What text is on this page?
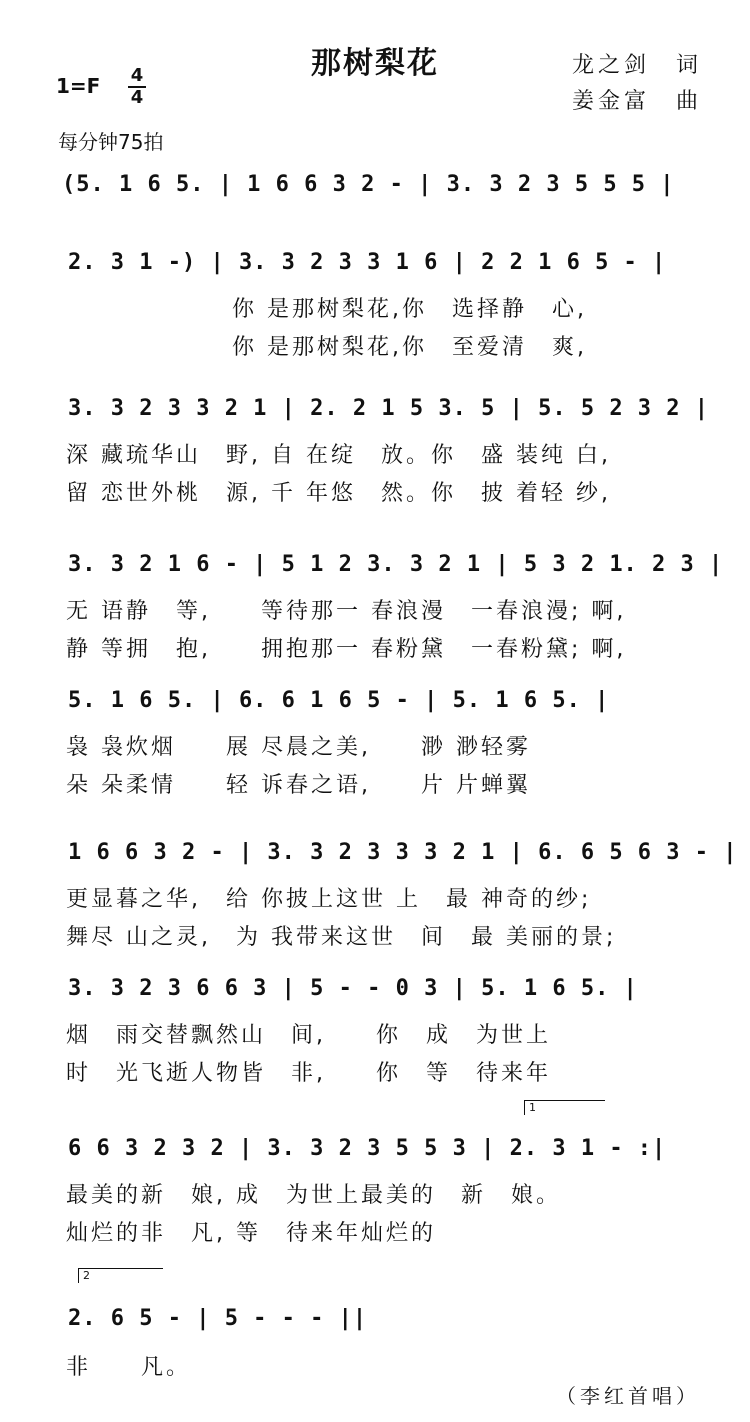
那树梨花	龙之剑　词
姜金富　曲
1=F 4
4
每分钟75拍
(5. 1 6 5. | 1 6 6 3 2 - | 3. 3 2 3 5 5 5 |
2. 3 1 -) | 3. 3 2 3 3 1 6 | 2 2 1 6 5 - |
你 是那树梨花,你　选择静　心,
你 是那树梨花,你　至爱清　爽,
3. 3 2 3 3 2 1 | 2. 2 1 5 3. 5 | 5. 5 2 3 2 |
深 藏琉华山　野, 自 在绽　放。你　盛 装纯 白,
留 恋世外桃　源, 千 年悠　然。你　披 着轻 纱,
3. 3 2 1 6 - | 5 1 2 3. 3 2 1 | 5 3 2 1. 2 3 |
无 语静　等,　　等待那一 春浪漫　一春浪漫; 啊,
静 等拥　抱,　　拥抱那一 春粉黛　一春粉黛; 啊,
5. 1 6 5. | 6. 6 1 6 5 - | 5. 1 6 5. |
袅 袅炊烟　　展 尽晨之美,　　渺 渺轻雾
朵 朵柔情　　轻 诉春之语,　　片 片蝉翼
1 6 6 3 2 - | 3. 3 2 3 3 3 2 1 | 6. 6 5 6 3 - |
更显暮之华,　给 你披上这世 上　最 神奇的纱;
舞尽 山之灵,　为 我带来这世　间　最 美丽的景;
3. 3 2 3 6 6 3 | 5 - - 0 3 | 5. 1 6 5. |
烟　雨交替飘然山　间,　　你　成　为世上
时　光飞逝人物皆　非,　　你　等　待来年
1
6 6 3 2 3 2 | 3. 3 2 3 5 5 3 | 2. 3 1 - :|
最美的新　娘, 成　为世上最美的　新　娘。
灿烂的非　凡, 等　待来年灿烂的
2
2. 6 5 - | 5 - - - ||
非　　凡。
（李红首唱）
